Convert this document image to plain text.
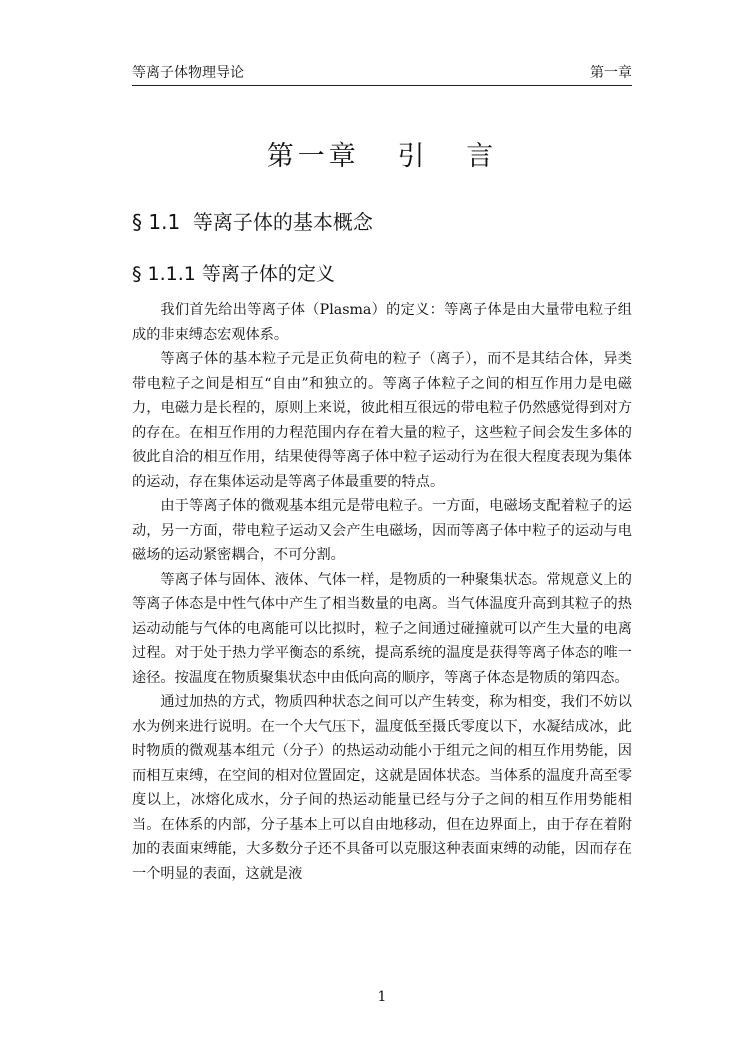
等离子体物理导论	第一章
第一章   引   言
§ 1.1  等离子体的基本概念
§ 1.1.1 等离子体的定义

我们首先给出等离子体（Plasma）的定义：等离子体是由大量带电粒子组成的非束缚态宏观体系。

等离子体的基本粒子元是正负荷电的粒子（离子），而不是其结合体，异类带电粒子之间是相互“自由”和独立的。等离子体粒子之间的相互作用力是电磁力，电磁力是长程的，原则上来说，彼此相互很远的带电粒子仍然感觉得到对方的存在。在相互作用的力程范围内存在着大量的粒子，这些粒子间会发生多体的彼此自洽的相互作用，结果使得等离子体中粒子运动行为在很大程度表现为集体的运动，存在集体运动是等离子体最重要的特点。

由于等离子体的微观基本组元是带电粒子。一方面，电磁场支配着粒子的运动，另一方面，带电粒子运动又会产生电磁场，因而等离子体中粒子的运动与电磁场的运动紧密耦合，不可分割。

等离子体与固体、液体、气体一样，是物质的一种聚集状态。常规意义上的等离子体态是中性气体中产生了相当数量的电离。当气体温度升高到其粒子的热运动动能与气体的电离能可以比拟时，粒子之间通过碰撞就可以产生大量的电离过程。对于处于热力学平衡态的系统，提高系统的温度是获得等离子体态的唯一途径。按温度在物质聚集状态中由低向高的顺序，等离子体态是物质的第四态。

通过加热的方式，物质四种状态之间可以产生转变，称为相变，我们不妨以水为例来进行说明。在一个大气压下，温度低至摄氏零度以下，水凝结成冰，此时物质的微观基本组元（分子）的热运动动能小于组元之间的相互作用势能，因而相互束缚，在空间的相对位置固定，这就是固体状态。当体系的温度升高至零度以上，冰熔化成水，分子间的热运动能量已经与分子之间的相互作用势能相当。在体系的内部，分子基本上可以自由地移动，但在边界面上，由于存在着附加的表面束缚能，大多数分子还不具备可以克服这种表面束缚的动能，因而存在一个明显的表面，这就是液

1
